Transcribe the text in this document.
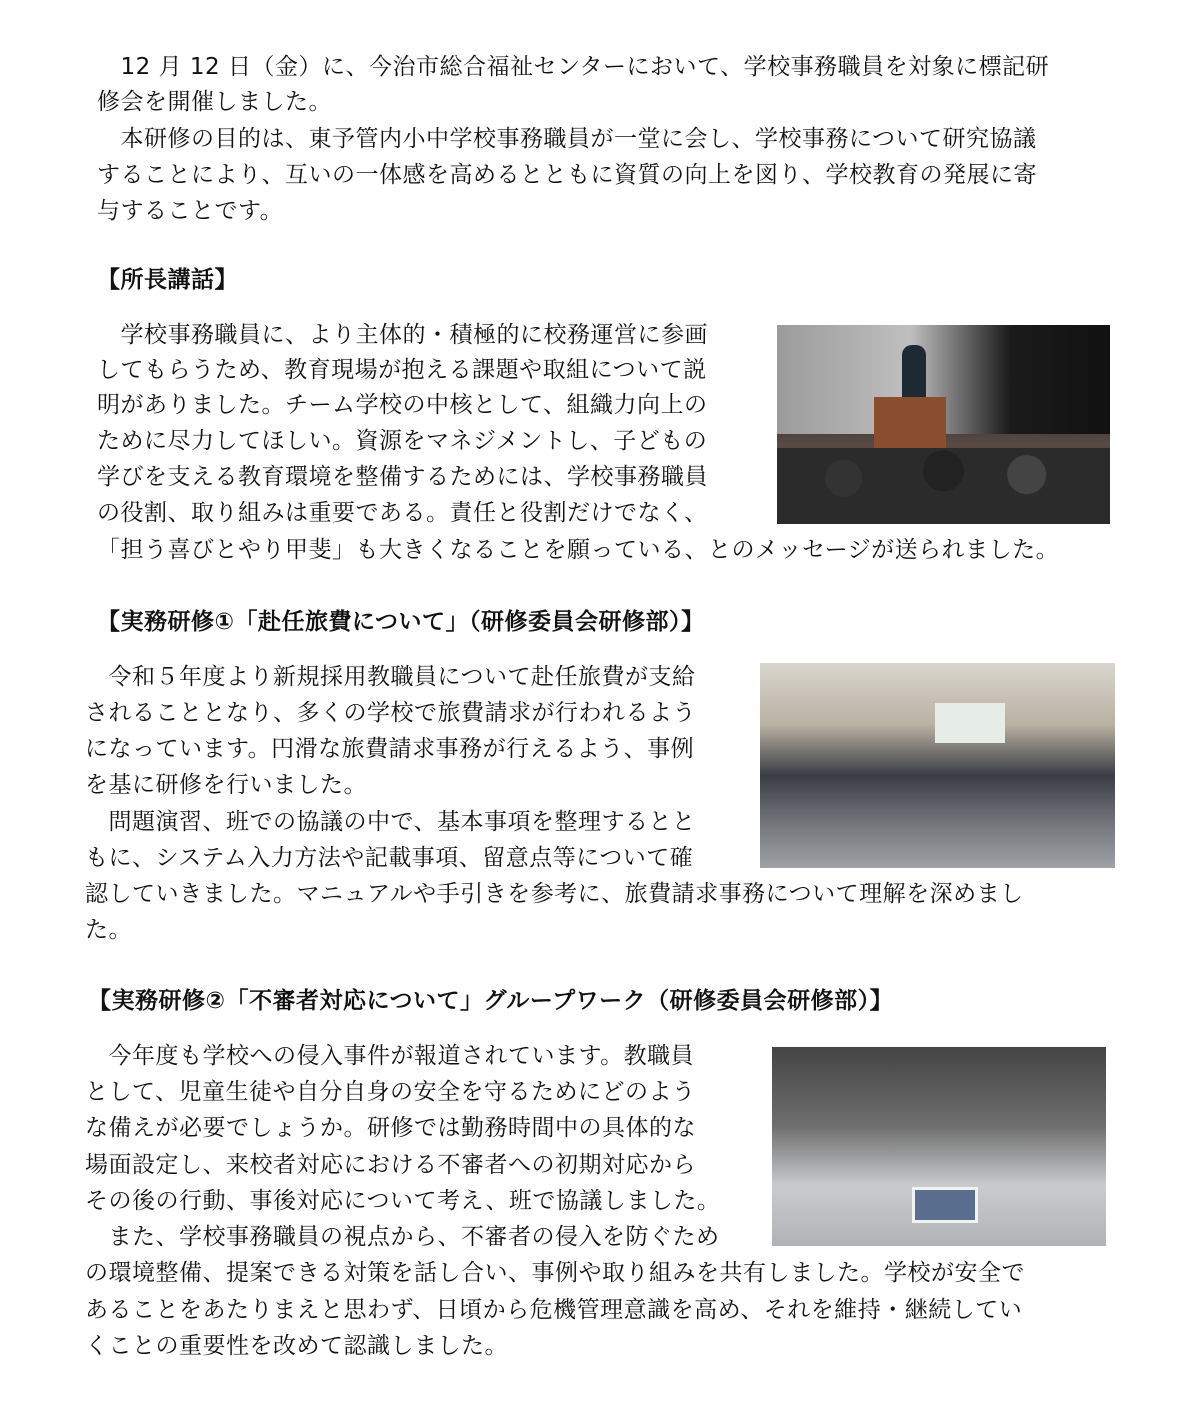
　12 月 12 日（金）に、今治市総合福祉センターにおいて、学校事務職員を対象に標記研
修会を開催しました。
　本研修の目的は、東予管内小中学校事務職員が一堂に会し、学校事務について研究協議
することにより、互いの一体感を高めるとともに資質の向上を図り、学校教育の発展に寄
与することです。
【所長講話】
　学校事務職員に、より主体的・積極的に校務運営に参画
してもらうため、教育現場が抱える課題や取組について説
明がありました。チーム学校の中核として、組織力向上の
ために尽力してほしい。資源をマネジメントし、子どもの
学びを支える教育環境を整備するためには、学校事務職員
の役割、取り組みは重要である。責任と役割だけでなく、
「担う喜びとやり甲斐」も大きくなることを願っている、とのメッセージが送られました。
【実務研修①「赴任旅費について」（研修委員会研修部）】
　令和５年度より新規採用教職員について赴任旅費が支給
されることとなり、多くの学校で旅費請求が行われるよう
になっています。円滑な旅費請求事務が行えるよう、事例
を基に研修を行いました。
　問題演習、班での協議の中で、基本事項を整理するとと
もに、システム入力方法や記載事項、留意点等について確
認していきました。マニュアルや手引きを参考に、旅費請求事務について理解を深めまし
た。
【実務研修②「不審者対応について」グループワーク（研修委員会研修部）】
　今年度も学校への侵入事件が報道されています。教職員
として、児童生徒や自分自身の安全を守るためにどのよう
な備えが必要でしょうか。研修では勤務時間中の具体的な
場面設定し、来校者対応における不審者への初期対応から
その後の行動、事後対応について考え、班で協議しました。
　また、学校事務職員の視点から、不審者の侵入を防ぐため
の環境整備、提案できる対策を話し合い、事例や取り組みを共有しました。学校が安全で
あることをあたりまえと思わず、日頃から危機管理意識を高め、それを維持・継続してい
くことの重要性を改めて認識しました。
